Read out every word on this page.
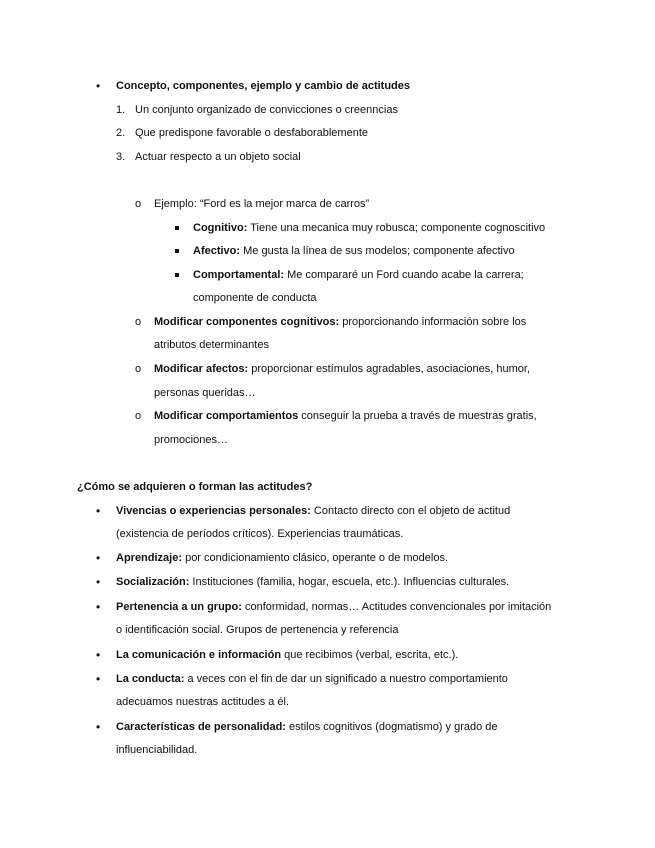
• Concepto, componentes, ejemplo y cambio de actitudes
1. Un conjunto organizado de convicciones o creenncias
2. Que predispone favorable o desfaborablemente
3. Actuar respecto a un objeto social
o Ejemplo: “Ford es la mejor marca de carros”
Cognitivo: Tiene una mecanica muy robusca; componente cognoscitivo
Afectivo: Me gusta la línea de sus modelos; componente afectivo
Comportamental: Me compararé un Ford cuando acabe la carrera;
componente de conducta
o Modificar componentes cognitivos: proporcionando información sobre los
atributos determinantes
o Modificar afectos: proporcionar estímulos agradables, asociaciones, humor,
personas queridas…
o Modificar comportamientos conseguir la prueba a través de muestras gratis,
promociones…
¿Cómo se adquieren o forman las actitudes?
• Vivencias o experiencias personales: Contacto directo con el objeto de actitud
(existencia de períodos críticos). Experiencias traumáticas.
• Aprendizaje: por condicionamiento clásico, operante o de modelos.
• Socialización: Instituciones (familia, hogar, escuela, etc.). Influencias culturales.
• Pertenencia a un grupo: conformidad, normas… Actitudes convencionales por imitación
o identificación social. Grupos de pertenencia y referencia
• La comunicación e información que recibimos (verbal, escrita, etc.).
• La conducta: a veces con el fin de dar un significado a nuestro comportamiento
adecuamos nuestras actitudes a él.
• Características de personalidad: estilos cognitivos (dogmatismo) y grado de
influenciabilidad.
